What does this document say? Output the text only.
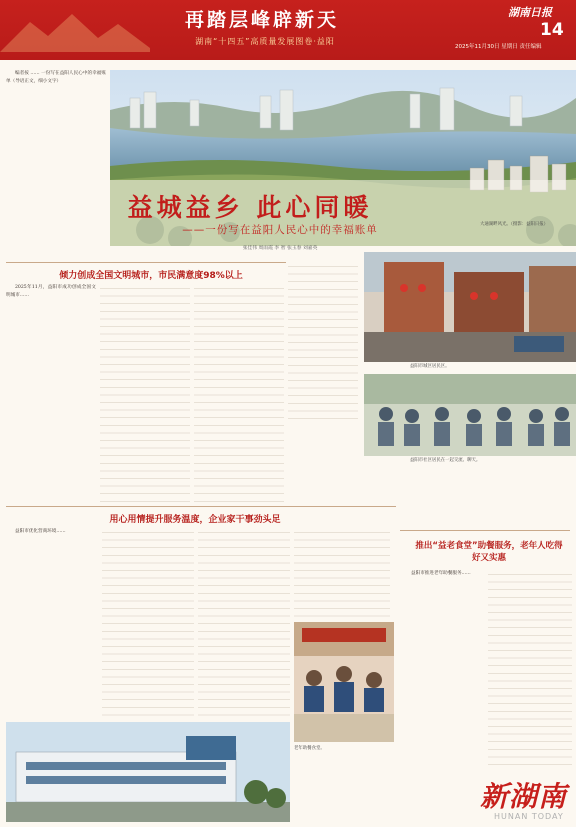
再踏层峰辟新天
湖南“十四五”高质量发展图卷·益阳
湖南日报
14
2025年11月30日 星期日 责任编辑
编者按 …… 一份写在益阳人民心中的幸福账单（导语正文，细小文字）
益城益乡 此心同暖
——一份写在益阳人民心中的幸福账单
张佳伟 周雨霞 李 智 张玉春 刘嘉英
大通湖畔风光。（摄影：益阳日报）
倾力创成全国文明城市，市民满意度98%以上
2025年11月，益阳市成功创成全国文明城市……
益阳市城区居民区。
益阳市社区居民在一起交流、聊天。
用心用情提升服务温度，企业家干事劲头足
益阳市优化营商环境……
推出“益老食堂”助餐服务，老年人吃得好又实惠
益阳市推进老年助餐服务……
老年助餐食堂。
新湖南
HUNAN TODAY
